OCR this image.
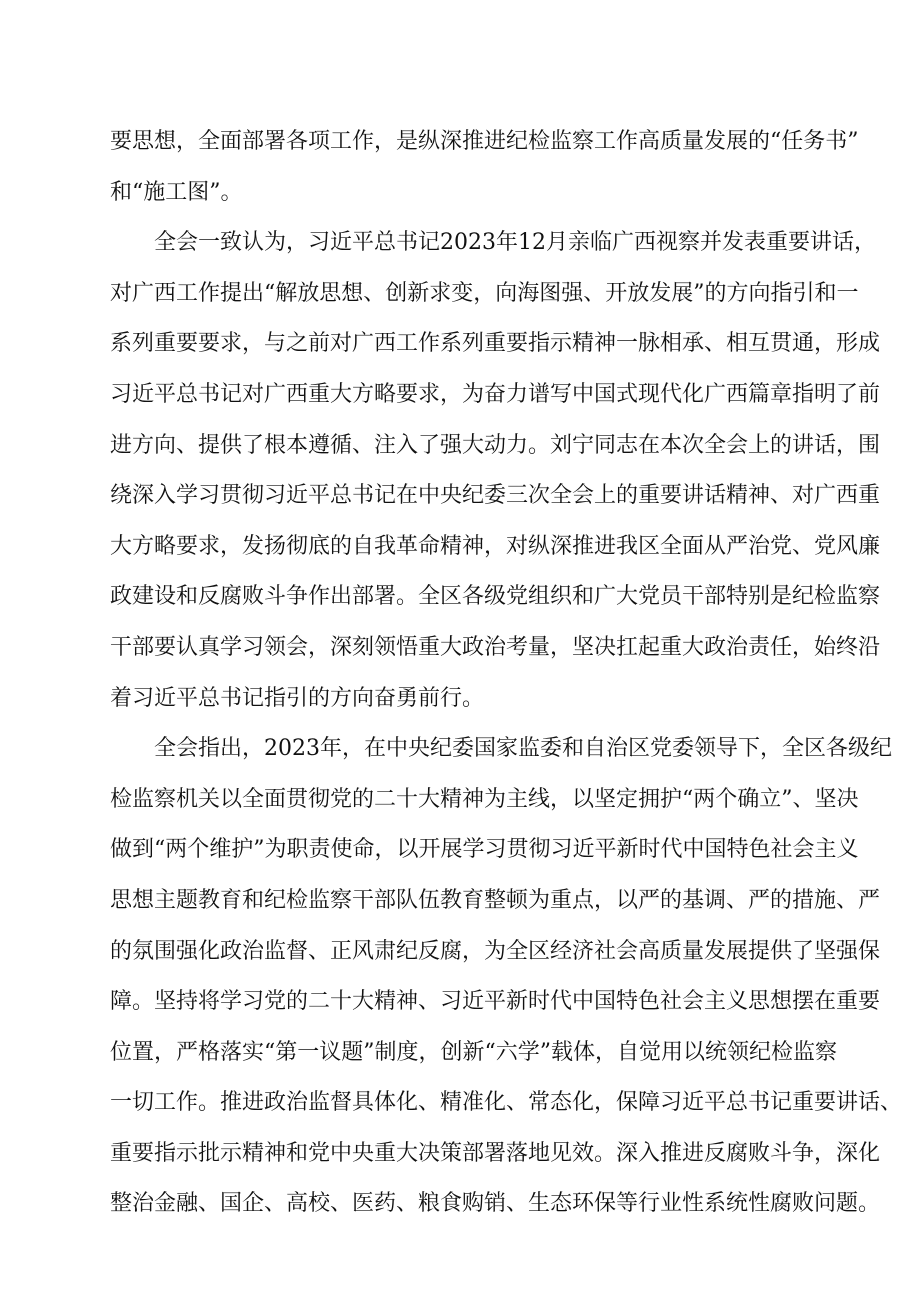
要思想，全面部署各项工作，是纵深推进纪检监察工作高质量发展的“任务书”
和“施工图”。
全会一致认为，习近平总书记2023年12月亲临广西视察并发表重要讲话，
对广西工作提出“解放思想、创新求变，向海图强、开放发展”的方向指引和一
系列重要要求，与之前对广西工作系列重要指示精神一脉相承、相互贯通，形成
习近平总书记对广西重大方略要求，为奋力谱写中国式现代化广西篇章指明了前
进方向、提供了根本遵循、注入了强大动力。刘宁同志在本次全会上的讲话，围
绕深入学习贯彻习近平总书记在中央纪委三次全会上的重要讲话精神、对广西重
大方略要求，发扬彻底的自我革命精神，对纵深推进我区全面从严治党、党风廉
政建设和反腐败斗争作出部署。全区各级党组织和广大党员干部特别是纪检监察
干部要认真学习领会，深刻领悟重大政治考量，坚决扛起重大政治责任，始终沿
着习近平总书记指引的方向奋勇前行。
全会指出，2023年，在中央纪委国家监委和自治区党委领导下，全区各级纪
检监察机关以全面贯彻党的二十大精神为主线，以坚定拥护“两个确立”、坚决
做到“两个维护”为职责使命，以开展学习贯彻习近平新时代中国特色社会主义
思想主题教育和纪检监察干部队伍教育整顿为重点，以严的基调、严的措施、严
的氛围强化政治监督、正风肃纪反腐，为全区经济社会高质量发展提供了坚强保
障。坚持将学习党的二十大精神、习近平新时代中国特色社会主义思想摆在重要
位置，严格落实“第一议题”制度，创新“六学”载体，自觉用以统领纪检监察
一切工作。推进政治监督具体化、精准化、常态化，保障习近平总书记重要讲话、
重要指示批示精神和党中央重大决策部署落地见效。深入推进反腐败斗争，深化
整治金融、国企、高校、医药、粮食购销、生态环保等行业性系统性腐败问题。
